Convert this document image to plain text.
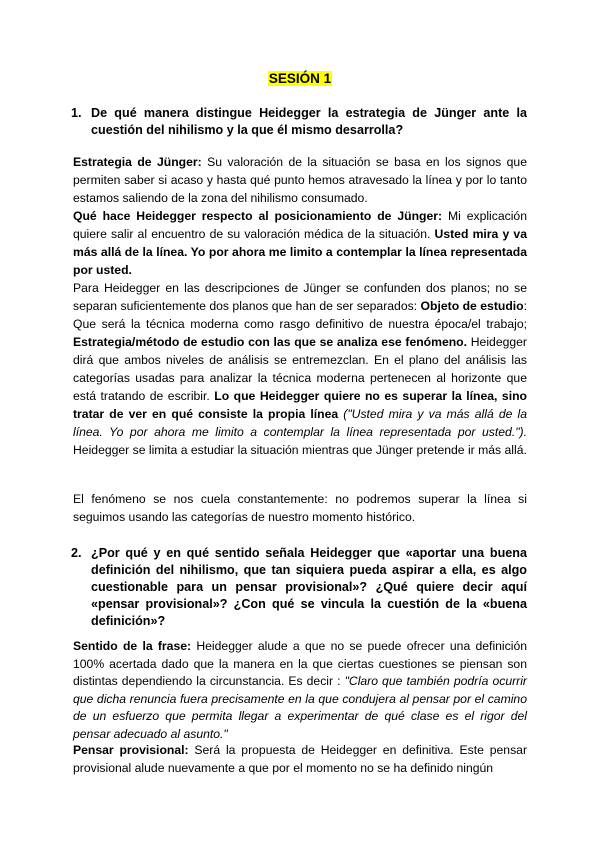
SESIÓN 1
1. De qué manera distingue Heidegger la estrategia de Jünger ante la cuestión del nihilismo y la que él mismo desarrolla?

Estrategia de Jünger: Su valoración de la situación se basa en los signos que permiten saber si acaso y hasta qué punto hemos atravesado la línea y por lo tanto estamos saliendo de la zona del nihilismo consumado.

Qué hace Heidegger respecto al posicionamiento de Jünger: Mi explicación quiere salir al encuentro de su valoración médica de la situación. Usted mira y va más allá de la línea. Yo por ahora me limito a contemplar la línea representada por usted.

Para Heidegger en las descripciones de Jünger se confunden dos planos; no se separan suficientemente dos planos que han de ser separados: Objeto de estudio: Que será la técnica moderna como rasgo definitivo de nuestra época/el trabajo; Estrategia/método de estudio con las que se analiza ese fenómeno. Heidegger dirá que ambos niveles de análisis se entremezclan. En el plano del análisis las categorías usadas para analizar la técnica moderna pertenecen al horizonte que está tratando de escribir. Lo que Heidegger quiere no es superar la línea, sino tratar de ver en qué consiste la propia línea ("Usted mira y va más allá de la línea. Yo por ahora me limito a contemplar la línea representada por usted."). Heidegger se limita a estudiar la situación mientras que Jünger pretende ir más allá.

El fenómeno se nos cuela constantemente: no podremos superar la línea si seguimos usando las categorías de nuestro momento histórico.

2. ¿Por qué y en qué sentido señala Heidegger que «aportar una buena definición del nihilismo, que tan siquiera pueda aspirar a ella, es algo cuestionable para un pensar provisional»? ¿Qué quiere decir aquí «pensar provisional»? ¿Con qué se vincula la cuestión de la «buena definición»?

Sentido de la frase: Heidegger alude a que no se puede ofrecer una definición 100% acertada dado que la manera en la que ciertas cuestiones se piensan son distintas dependiendo la circunstancia. Es decir : "Claro que también podría ocurrir que dicha renuncia fuera precisamente en la que condujera al pensar por el camino de un esfuerzo que permita llegar a experimentar de qué clase es el rigor del pensar adecuado al asunto."

Pensar provisional: Será la propuesta de Heidegger en definitiva. Este pensar provisional alude nuevamente a que por el momento no se ha definido ningún
